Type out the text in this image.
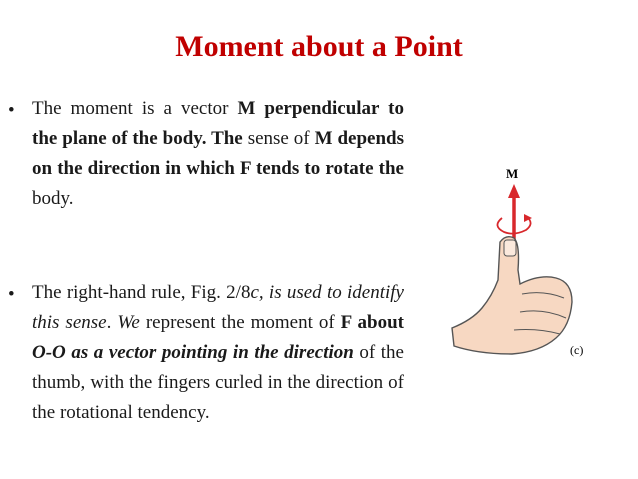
Moment about a Point
• The moment is a vector M perpendicular to the plane of the body. The sense of M depends on the direction in which F tends to rotate the body.
• The right-hand rule, Fig. 2/8c, is used to identify this sense. We represent the moment of F about O-O as a vector pointing in the direction of the thumb, with the fingers curled in the direction of the rotational tendency.
M
(c)
